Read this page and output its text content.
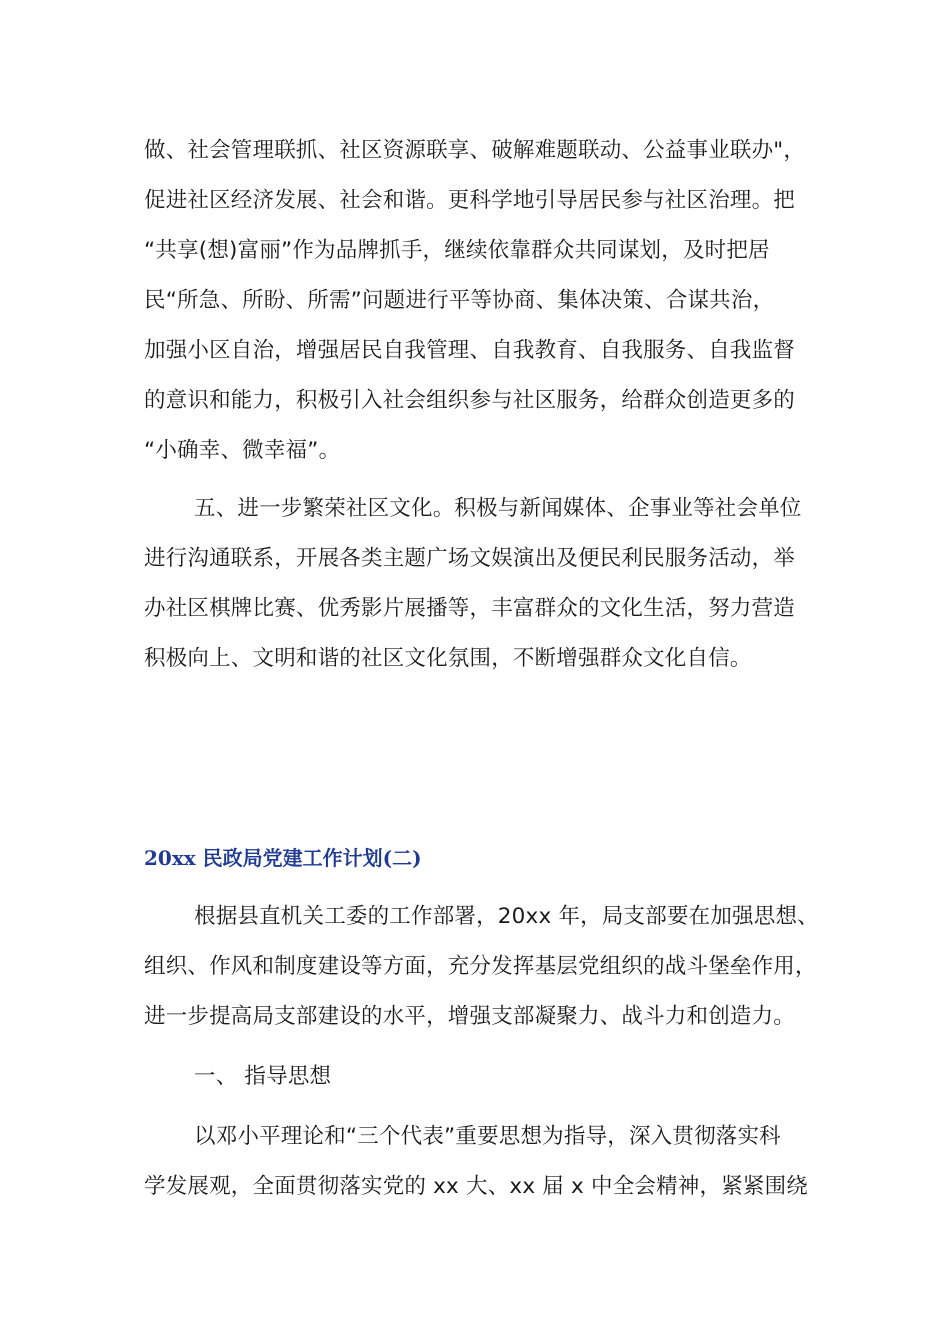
做、社会管理联抓、社区资源联享、破解难题联动、公益事业联办"，
促进社区经济发展、社会和谐。更科学地引导居民参与社区治理。把
“共享(想)富丽”作为品牌抓手，继续依靠群众共同谋划，及时把居
民“所急、所盼、所需”问题进行平等协商、集体决策、合谋共治，
加强小区自治，增强居民自我管理、自我教育、自我服务、自我监督
的意识和能力，积极引入社会组织参与社区服务，给群众创造更多的
“小确幸、微幸福”。
五、进一步繁荣社区文化。积极与新闻媒体、企事业等社会单位
进行沟通联系，开展各类主题广场文娱演出及便民利民服务活动，举
办社区棋牌比赛、优秀影片展播等，丰富群众的文化生活，努力营造
积极向上、文明和谐的社区文化氛围，不断增强群众文化自信。
20xx 民政局党建工作计划(二)
根据县直机关工委的工作部署，20xx 年，局支部要在加强思想、
组织、作风和制度建设等方面，充分发挥基层党组织的战斗堡垒作用，
进一步提高局支部建设的水平，增强支部凝聚力、战斗力和创造力。
一、 指导思想
以邓小平理论和“三个代表”重要思想为指导，深入贯彻落实科
学发展观，全面贯彻落实党的 xx 大、xx 届 x 中全会精神，紧紧围绕
